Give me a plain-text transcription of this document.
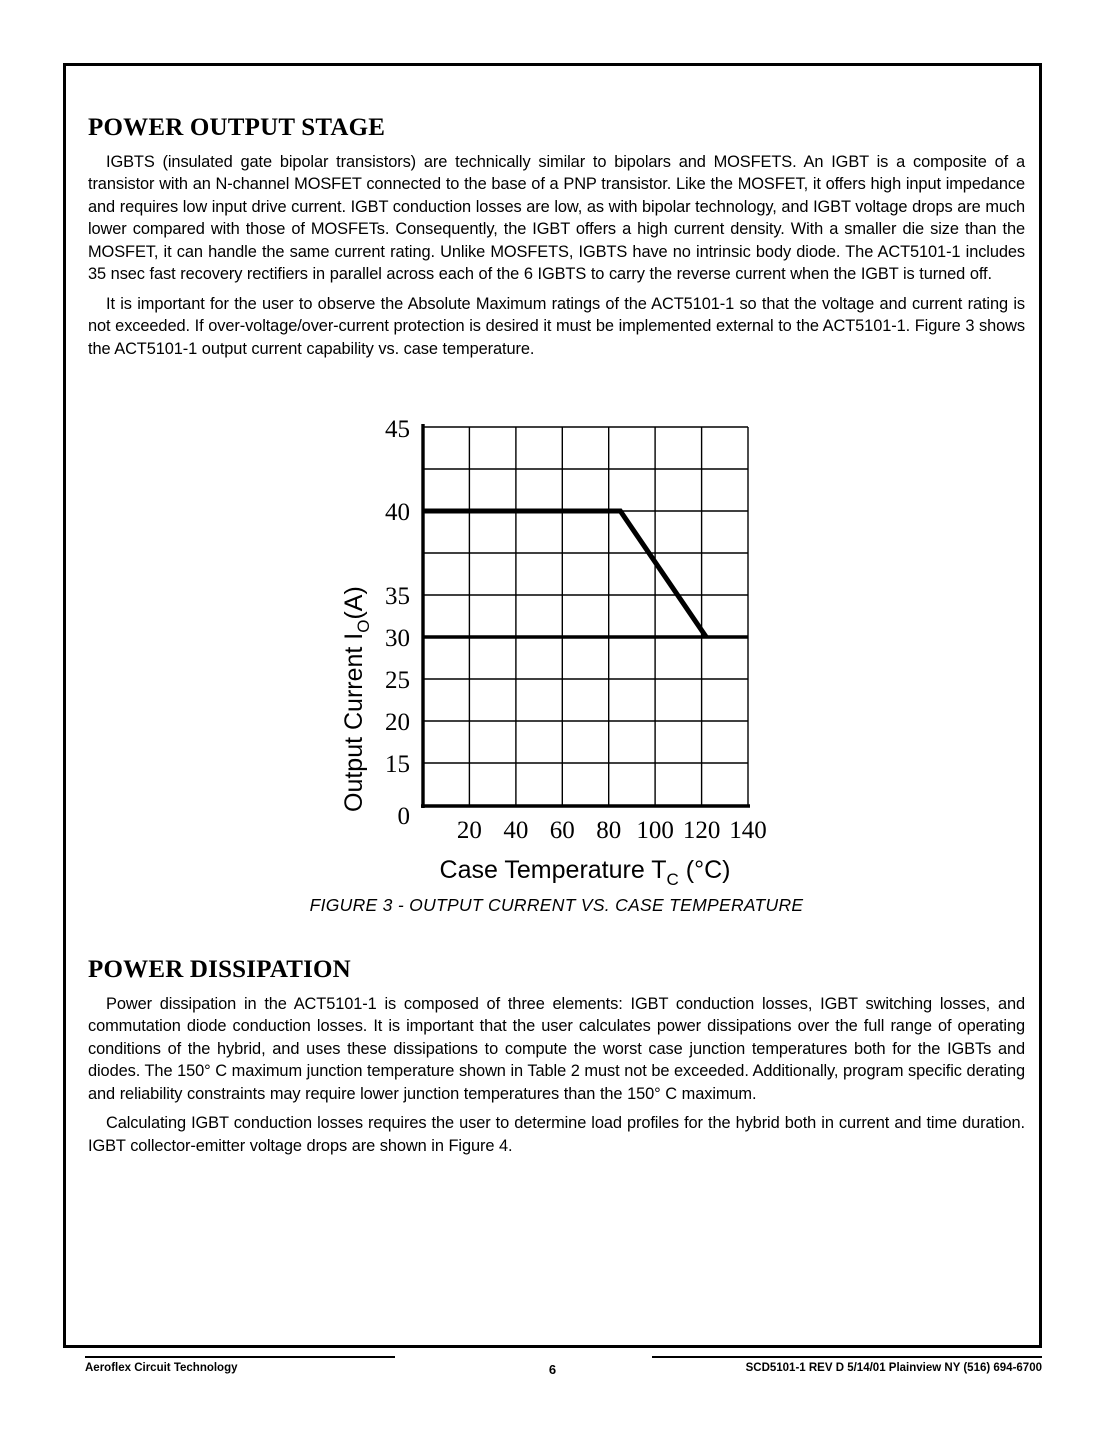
POWER OUTPUT STAGE

IGBTS (insulated gate bipolar transistors) are technically similar to bipolars and MOSFETS. An IGBT is a composite of a transistor with an N-channel MOSFET connected to the base of a PNP transistor. Like the MOSFET, it offers high input impedance and requires low input drive current. IGBT conduction losses are low, as with bipolar technology, and IGBT voltage drops are much lower compared with those of MOSFETs. Consequently, the IGBT offers a high current density. With a smaller die size than the MOSFET, it can handle the same current rating. Unlike MOSFETS, IGBTS have no intrinsic body diode. The ACT5101-1 includes 35 nsec fast recovery rectifiers in parallel across each of the 6 IGBTS to carry the reverse current when the IGBT is turned off.

It is important for the user to observe the Absolute Maximum ratings of the ACT5101-1 so that the voltage and current rating is not exceeded. If over-voltage/over-current protection is desired it must be implemented external to the ACT5101-1. Figure 3 shows the ACT5101-1 output current capability vs. case temperature.

Output Current $I_O(A)$
45
40
35
30
25
20
15
0
20 40 60 80 100 120 140
Case Temperature $T_C$ (°C)
FIGURE 3 - OUTPUT CURRENT VS. CASE TEMPERATURE
POWER DISSIPATION

Power dissipation in the ACT5101-1 is composed of three elements: IGBT conduction losses, IGBT switching losses, and commutation diode conduction losses. It is important that the user calculates power dissipations over the full range of operating conditions of the hybrid, and uses these dissipations to compute the worst case junction temperatures both for the IGBTs and diodes. The 150° C maximum junction temperature shown in Table 2 must not be exceeded. Additionally, program specific derating and reliability constraints may require lower junction temperatures than the 150° C maximum.

Calculating IGBT conduction losses requires the user to determine load profiles for the hybrid both in current and time duration. IGBT collector-emitter voltage drops are shown in Figure 4.

Aeroflex Circuit Technology	6	SCD5101-1 REV D 5/14/01 Plainview NY (516) 694-6700
